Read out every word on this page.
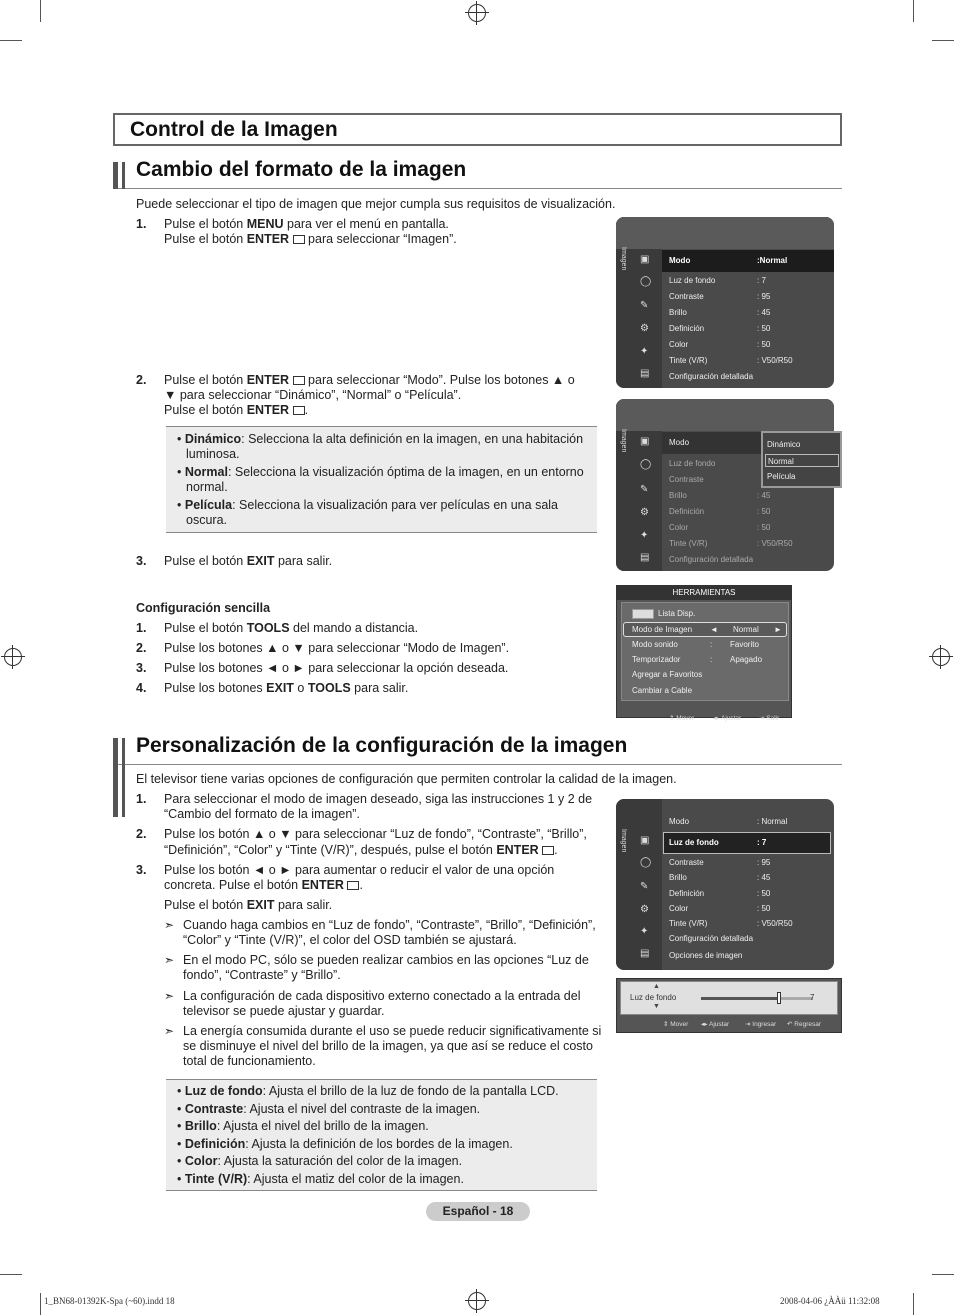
Control de la Imagen
Cambio del formato de la imagen
Puede seleccionar el tipo de imagen que mejor cumpla sus requisitos de visualización.
1. Pulse el botón MENU para ver el menú en pantalla.
Pulse el botón ENTER  para seleccionar “Imagen”.
2. Pulse el botón ENTER  para seleccionar “Modo”. Pulse los botones ▲ o
▼ para seleccionar “Dinámico”, “Normal” o “Película”.
Pulse el botón ENTER .
• Dinámico: Selecciona la alta definición en la imagen, en una habitación luminosa.
• Normal: Selecciona la visualización óptima de la imagen, en un entorno normal.
• Película: Selecciona la visualización para ver películas en una sala oscura.
3. Pulse el botón EXIT para salir.
Configuración sencilla
1. Pulse el botón TOOLS del mando a distancia.
2. Pulse los botones ▲ o ▼ para seleccionar “Modo de Imagen”.
3. Pulse los botones ◄ o ► para seleccionar la opción deseada.
4. Pulse los botones EXIT o TOOLS para salir.
Imagen	Modo	:Normal
Luz de fondo	: 7
Contraste	: 95
Brillo	: 45
Definición	: 50
Color	: 50
Tinte (V/R)	: V50/R50
Configuración detallada
▣
◯
✎
⚙
✦
▤
Imagen	Modo
Luz de fondo
Contraste
Brillo	: 45
Definición	: 50
Color	: 50
Tinte (V/R)	: V50/R50
Configuración detallada
▣
◯
✎
⚙
✦
▤
Dinámico
Normal
Película
HERRAMIENTAS
Lista Disp.
Modo de Imagen ◄ Normal ►
Modo sonido	: Favorito
Temporizador	: Apagado
Agregar a Favoritos
Cambiar a Cable
⇕ Mover	◂▸ Ajustar	⇥ Salir
Personalización de la configuración de la imagen
El televisor tiene varias opciones de configuración que permiten controlar la calidad de la imagen.
1. Para seleccionar el modo de imagen deseado, siga las instrucciones 1 y 2 de
“Cambio del formato de la imagen”.
2. Pulse los botón ▲ o ▼ para seleccionar “Luz de fondo”, “Contraste”, “Brillo”,
“Definición”, “Color” y “Tinte (V/R)”, después, pulse el botón ENTER .
3. Pulse los botón ◄ o ► para aumentar o reducir el valor de una opción
concreta. Pulse el botón ENTER .
Pulse el botón EXIT para salir.
➣ Cuando haga cambios en “Luz de fondo”, “Contraste”, “Brillo”, “Definición”, “Color” y “Tinte (V/R)”, el color del OSD también se ajustará.
➣ En el modo PC, sólo se pueden realizar cambios en las opciones “Luz de fondo”, “Contraste” y “Brillo”.
➣ La configuración de cada dispositivo externo conectado a la entrada del televisor se puede ajustar y guardar.
➣ La energía consumida durante el uso se puede reducir significativamente si se disminuye el nivel del brillo de la imagen, ya que así se reduce el costo total de funcionamiento.
• Luz de fondo: Ajusta el brillo de la luz de fondo de la pantalla LCD.
• Contraste: Ajusta el nivel del contraste de la imagen.
• Brillo: Ajusta el nivel del brillo de la imagen.
• Definición: Ajusta la definición de los bordes de la imagen.
• Color: Ajusta la saturación del color de la imagen.
• Tinte (V/R): Ajusta el matiz del color de la imagen.
Imagen
Modo	: Normal
Luz de fondo	: 7
Contraste	: 95
Brillo	: 45
Definición	: 50
Color	: 50
Tinte (V/R)	: V50/R50
Configuración detallada
Opciones de imagen
▣
◯
✎
⚙
✦
▤
▲
▼
Luz de fondo	7
⇕ Mover ◂▸ Ajustar ⇥ Ingresar ↶ Regresar
Español - 18
1_BN68-01392K-Spa (~60).indd 18	2008-04-06 ¿ÀÀü 11:32:08
